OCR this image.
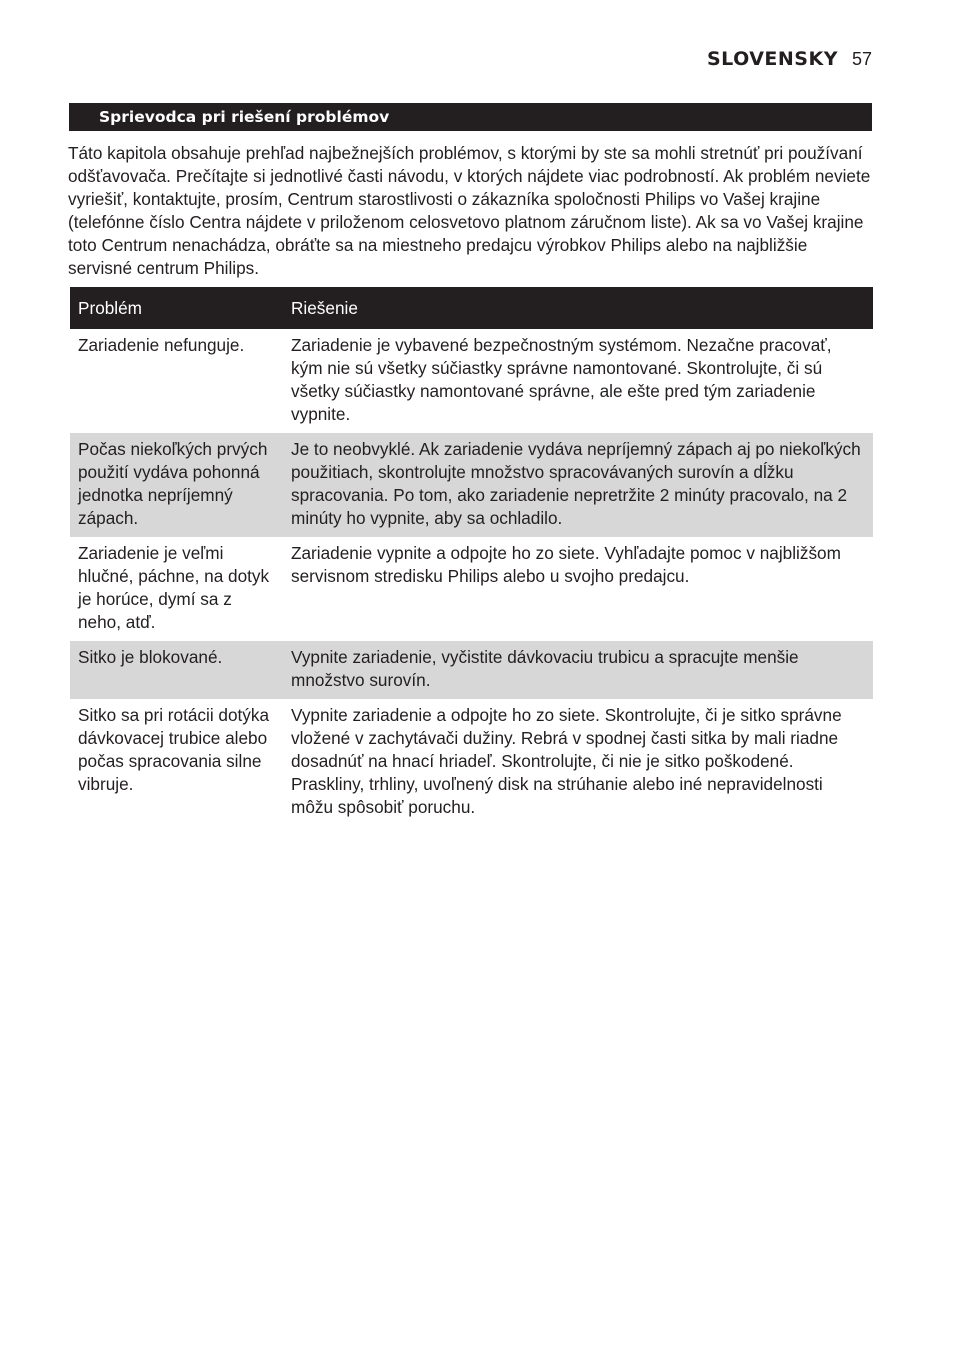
SLOVENSKY 57
Sprievodca pri riešení problémov

Táto kapitola obsahuje prehľad najbežnejších problémov, s ktorými by ste sa mohli stretnúť pri používaní odšťavovača. Prečítajte si jednotlivé časti návodu, v ktorých nájdete viac podrobností. Ak problém neviete vyriešiť, kontaktujte, prosím, Centrum starostlivosti o zákazníka spoločnosti Philips vo Vašej krajine (telefónne číslo Centra nájdete v priloženom celosvetovo platnom záručnom liste). Ak sa vo Vašej krajine toto Centrum nenachádza, obráťte sa na miestneho predajcu výrobkov Philips alebo na najbližšie servisné centrum Philips.

Problém	Riešenie
Zariadenie nefunguje.	Zariadenie je vybavené bezpečnostným systémom. Nezačne pracovať, kým nie sú všetky súčiastky správne namontované. Skontrolujte, či sú všetky súčiastky namontované správne, ale ešte pred tým zariadenie vypnite.
Počas niekoľkých prvých použití vydáva pohonná jednotka nepríjemný zápach.	Je to neobvyklé. Ak zariadenie vydáva nepríjemný zápach aj po niekoľkých použitiach, skontrolujte množstvo spracovávaných surovín a dĺžku spracovania. Po tom, ako zariadenie nepretržite 2 minúty pracovalo, na 2 minúty ho vypnite, aby sa ochladilo.
Zariadenie je veľmi hlučné, páchne, na dotyk je horúce, dymí sa z neho, atď.	Zariadenie vypnite a odpojte ho zo siete. Vyhľadajte pomoc v najbližšom servisnom stredisku Philips alebo u svojho predajcu.
Sitko je blokované.	Vypnite zariadenie, vyčistite dávkovaciu trubicu a spracujte menšie množstvo surovín.
Sitko sa pri rotácii dotýka dávkovacej trubice alebo počas spracovania silne vibruje.	Vypnite zariadenie a odpojte ho zo siete. Skontrolujte, či je sitko správne vložené v zachytávači dužiny. Rebrá v spodnej časti sitka by mali riadne dosadnúť na hnací hriadeľ. Skontrolujte, či nie je sitko poškodené. Praskliny, trhliny, uvoľnený disk na strúhanie alebo iné nepravidelnosti môžu spôsobiť poruchu.
